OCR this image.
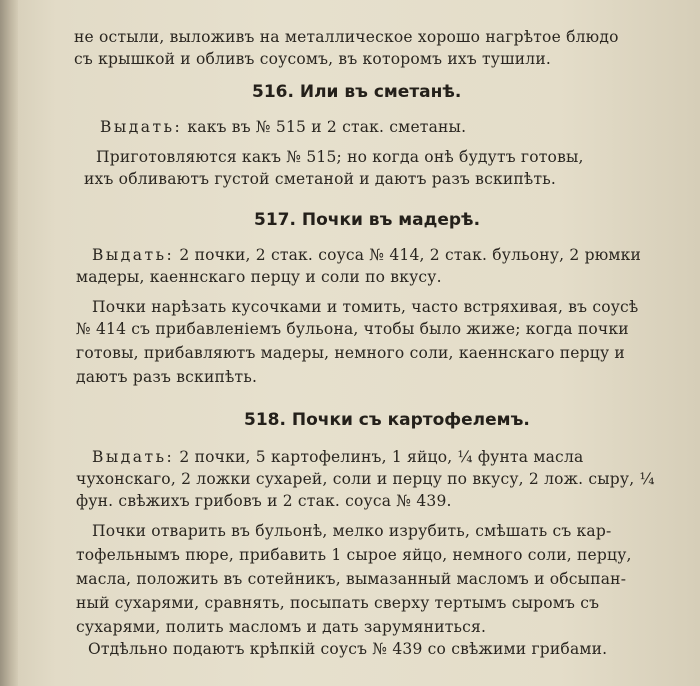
не остыли, выложивъ на металлическое хорошо нагрѣтое блюдо
съ крышкой и обливъ соусомъ, въ которомъ ихъ тушили.
516. Или въ сметанѣ.
Выдать: какъ въ № 515 и 2 стак. сметаны.
Приготовляются какъ № 515; но когда онѣ будутъ готовы,
ихъ обливаютъ густой сметаной и даютъ разъ вскипѣть.
517. Почки въ мадерѣ.
Выдать: 2 почки, 2 стак. соуса № 414, 2 стак. бульону, 2 рюмки
мадеры, каеннскаго перцу и соли по вкусу.
Почки нарѣзать кусочками и томить, часто встряхивая, въ соусѣ
№ 414 съ прибавленіемъ бульона, чтобы было жиже; когда почки
готовы, прибавляютъ мадеры, немного соли, каеннскаго перцу и
даютъ разъ вскипѣть.
518. Почки съ картофелемъ.
Выдать: 2 почки, 5 картофелинъ, 1 яйцо, ¼ фунта масла
чухонскаго, 2 ложки сухарей, соли и перцу по вкусу, 2 лож. сыру, ¼
фун. свѣжихъ грибовъ и 2 стак. соуса № 439.
Почки отварить въ бульонѣ, мелко изрубить, смѣшать съ кар-
тофельнымъ пюре, прибавить 1 сырое яйцо, немного соли, перцу,
масла, положить въ сотейникъ, вымазанный масломъ и обсыпан-
ный сухарями, сравнять, посыпать сверху тертымъ сыромъ съ
сухарями, полить масломъ и дать зарумяниться.
Отдѣльно подаютъ крѣпкій соусъ № 439 со свѣжими грибами.
